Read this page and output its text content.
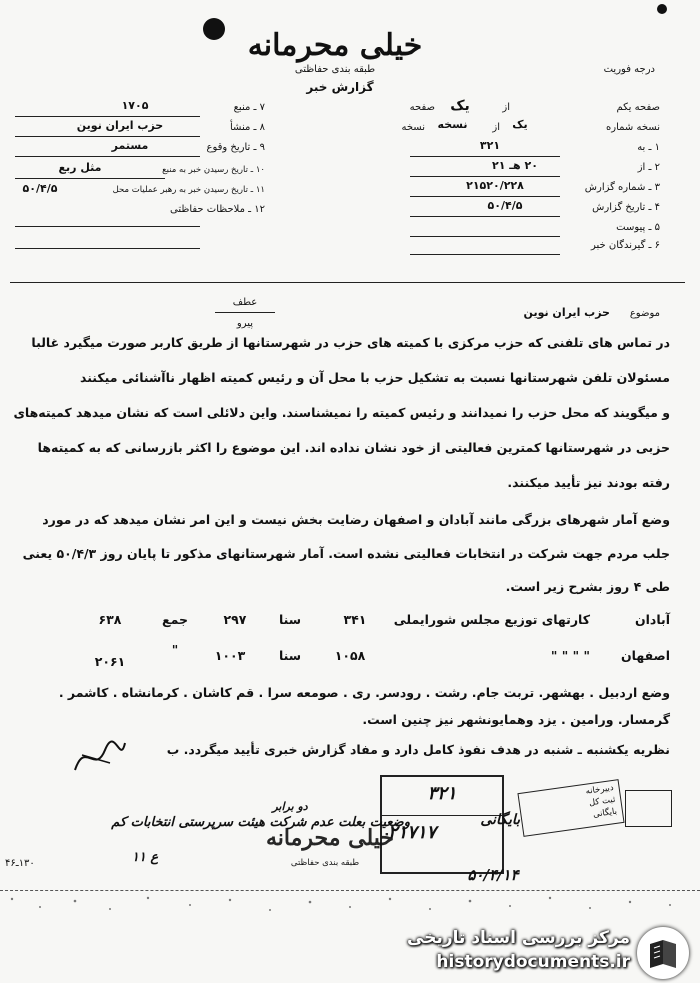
خیلی محرمانه
طبقه بندی حفاظتی
گزارش خبر
درجه فوریت
صفحه یکم
از
یک
صفحه
نسخه شماره
یک
از
نسخه
نسخه
۱ ـ به
۳۲۱
۲ ـ از
۲۰ هـ ۲۱
۳ ـ شماره گزارش
۲۱۵۲۰/۲۲۸
۴ ـ تاریخ گزارش
۵۰/۴/۵
۵ ـ پیوست
۶ ـ گیرندگان خبر
۷ ـ منبع
۱۷۰۵
۸ ـ منشأ
حزب ایران نوین
۹ ـ تاریخ وقوع
مستمر
۱۰ ـ تاریخ رسیدن خبر به منبع
مثل ربع
۱۱ ـ تاریخ رسیدن خبر به رهبر عملیات محل
۵۰/۴/۵
۱۲ ـ ملاحظات حفاظتی
عطف
پیرو
موضوع
حزب ایران نوین
در تماس های تلفنی که حزب مرکزی با کمیته های حزب در شهرستانها از طریق کاربر صورت میگیرد غالبا
مسئولان تلفن شهرستانها نسبت به تشکیل حزب با محل آن و رئیس کمیته اظهار ناآشنائی میکنند
و میگویند که محل حزب را نمیدانند و رئیس کمیته را نمیشناسند. واین دلائلی است که نشان میدهد کمیته‌های
حزبی در شهرستانها کمترین فعالیتی از خود نشان نداده اند. این موضوع را اکثر بازرسانی که به کمیته‌ها
رفته بودند نیز تأیید میکنند.
وضع آمار شهرهای بزرگی مانند آبادان و اصفهان رضایت بخش نیست و این امر نشان میدهد که در مورد
جلب مردم جهت شرکت در انتخابات فعالیتی نشده است. آمار شهرستانهای مذکور تا پایان روز ۵۰/۴/۳ یعنی
طی ۴ روز بشرح زیر است.
آبادان
کارتهای توزیع مجلس شورایملی
۳۴۱
سنا
۲۹۷
جمع
۶۳۸
اصفهان
" " " "
۱۰۵۸
سنا
۱۰۰۳
"
۲۰۶۱
وضع اردبیل . بهشهر. تربت جام. رشت . رودسر. ری . صومعه سرا . قم کاشان . کرمانشاه . کاشمر .
گرمسار. ورامین . یزد وهمایونشهر نیز چنین است.
نظریه یکشنبه ـ شنبه در هدف نفوذ کامل دارد و مفاد گزارش خبری تأیید میگردد. ب
۳۲۱
۲۱۷۱۷
۵۰/۴/۱۴
دبیرخانه
ثبت کل
بایگانی
دو برابر
وضعیت بعلت عدم شرکت هیئت سرپرستی انتخابات کم
ع ۱۱
بایگانی
خیلی محرمانه
طبقه بندی حفاظتی
۱۳۰ـ۴۶
مرکز بررسی اسناد تاریخی
historydocuments.ir
